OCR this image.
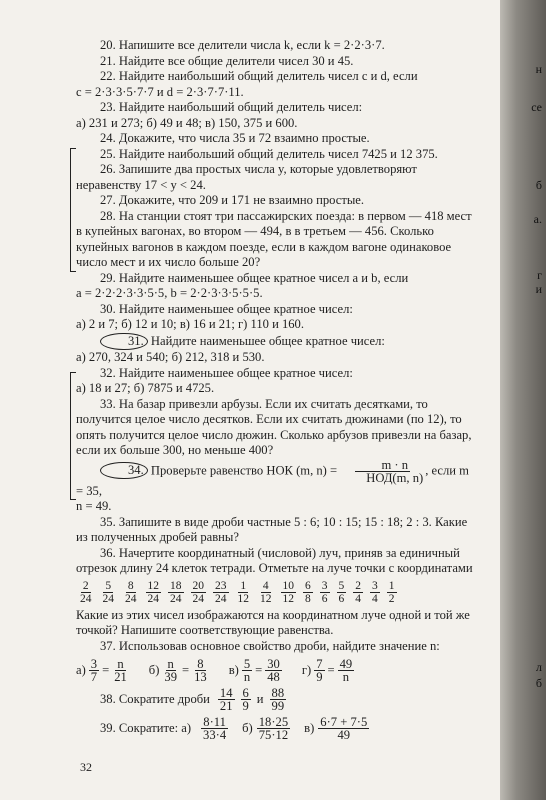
н
се
б
а.
г
и
л
б

20. Напишите все делители числа k, если k = 2·2·3·7.

21. Найдите все общие делители чисел 30 и 45.

22. Найдите наибольший общий делитель чисел c и d, если

c = 2·3·3·5·7·7 и d = 2·3·7·7·11.

23. Найдите наибольший общий делитель чисел:

а) 231 и 273; б) 49 и 48; в) 150, 375 и 600.

24. Докажите, что числа 35 и 72 взаимно простые.

25. Найдите наибольший общий делитель чисел 7425 и 12 375.

26. Запишите два простых числа y, которые удовлетворяют неравенству 17 < y < 24.

27. Докажите, что 209 и 171 не взаимно простые.

28. На станции стоят три пассажирских поезда: в первом — 418 мест в купейных вагонах, во втором — 494, в в третьем — 456. Сколько купейных вагонов в каждом поезде, если в каждом вагоне одинаковое число мест и их число больше 20?

29. Найдите наименьшее общее кратное чисел a и b, если

a = 2·2·2·3·3·5·5, b = 2·2·3·3·5·5·5.

30. Найдите наименьшее общее кратное чисел:

а) 2 и 7; б) 12 и 10; в) 16 и 21; г) 110 и 160.

31. Найдите наименьшее общее кратное чисел:

а) 270, 324 и 540; б) 212, 318 и 530.

32. Найдите наименьшее общее кратное чисел:

а) 18 и 27; б) 7875 и 4725.

33. На базар привезли арбузы. Если их считать десятками, то получится целое число десятков. Если их считать дюжинами (по 12), то опять получится целое число дюжин. Сколько арбузов привезли на базар, если их больше 300, но меньше 400?

34. Проверьте равенство НОК (m, $n) = \frac{m \cdot n}{\text{НОД(m, n)}}$ , если m = 35,

n = 49.

35. Запишите в виде дроби частные 5 : 6; 10 : 15; 15 : 18; 2 : 3. Какие из полученных дробей равны?

36. Начертите координатный (числовой) луч, приняв за единичный отрезок длину 24 клеток тетради. Отметьте на луче точки с координатами

$\frac{2}{24} \frac{5}{24} \frac{8}{24} \frac{12}{24} \frac{18}{24} \frac{20}{24} \frac{23}{24} \frac{1}{12} \frac{4}{12} \frac{10}{12} \frac{6}{8} \frac{3}{6} \frac{5}{6} \frac{2}{4} \frac{3}{4} \frac{1}{2}$

Какие из этих чисел изображаются на координатном луче одной и той же точкой? Напишите соответствующие равенства.

37. Использовав основное свойство дроби, найдите значение n:

$а) \frac{3}{7} = \frac{n}{21} б) \frac{n}{39} = \frac{8}{13} в) \frac{5}{n} = \frac{30}{48} г) \frac{7}{9} = \frac{49}{n}$
38. Сократите дроби $\frac{14}{21} \frac{6}{9}$ и $\frac{88}{99}$
39. Сократите: $а) \frac{8\cdot 11}{33\cdot 4} б) \frac{18\cdot 25}{75\cdot 12} в) \frac{6\cdot 7 + 7\cdot 5}{49}$
32
